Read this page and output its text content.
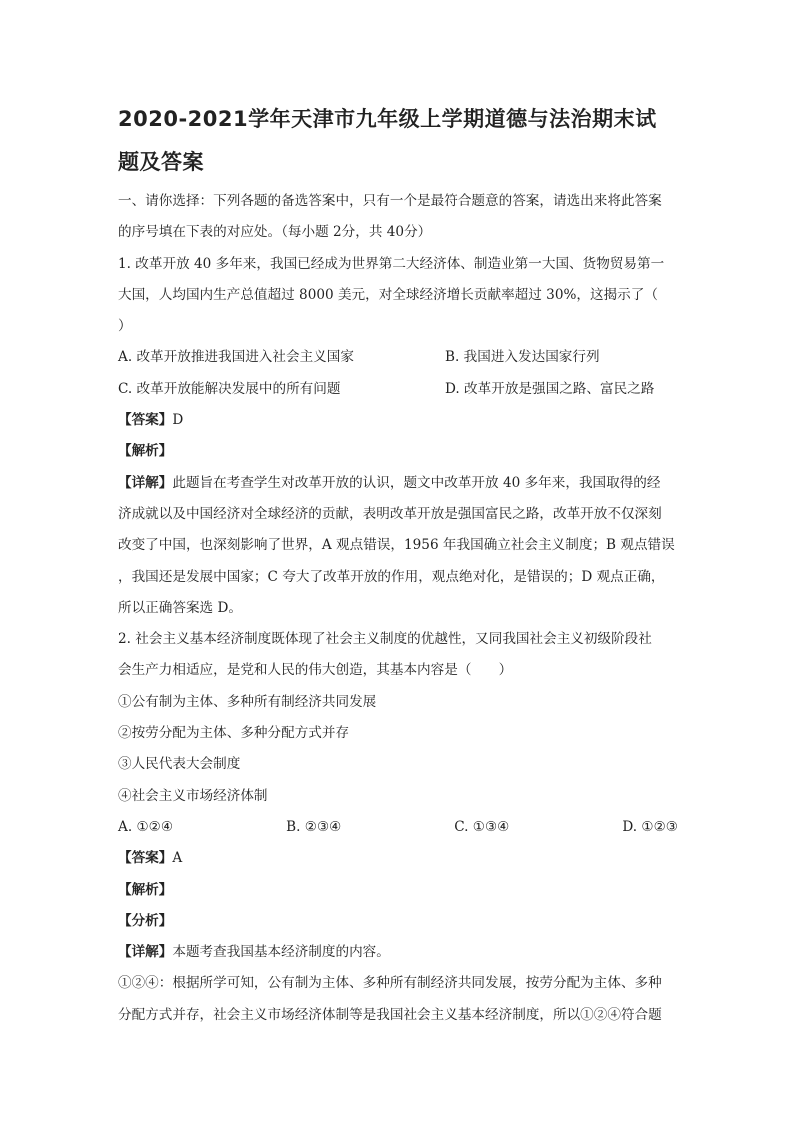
2020-2021学年天津市九年级上学期道德与法治期末试题及答案

一、请你选择：下列各题的备选答案中，只有一个是最符合题意的答案，请选出来将此答案

的序号填在下表的对应处。（每小题 2分，共 40分）

1. 改革开放 40 多年来，我国已经成为世界第二大经济体、制造业第一大国、货物贸易第一

大国，人均国内生产总值超过 8000 美元，对全球经济增长贡献率超过 30%，这揭示了（

）

A. 改革开放推进我国进入社会主义国家	B. 我国进入发达国家行列
C. 改革开放能解决发展中的所有问题	D. 改革开放是强国之路、富民之路

【答案】D

【解析】

【详解】此题旨在考查学生对改革开放的认识，题文中改革开放 40 多年来，我国取得的经

济成就以及中国经济对全球经济的贡献，表明改革开放是强国富民之路，改革开放不仅深刻

改变了中国，也深刻影响了世界，A 观点错误，1956 年我国确立社会主义制度；B 观点错误

，我国还是发展中国家；C 夸大了改革开放的作用，观点绝对化，是错误的；D 观点正确，

所以正确答案选 D。

2. 社会主义基本经济制度既体现了社会主义制度的优越性，又同我国社会主义初级阶段社

会生产力相适应，是党和人民的伟大创造，其基本内容是（　　）

①公有制为主体、多种所有制经济共同发展

②按劳分配为主体、多种分配方式并存

③人民代表大会制度

④社会主义市场经济体制

A. ①②④	B. ②③④	C. ①③④	D. ①②③

【答案】A

【解析】

【分析】

【详解】本题考查我国基本经济制度的内容。

①②④：根据所学可知，公有制为主体、多种所有制经济共同发展，按劳分配为主体、多种

分配方式并存，社会主义市场经济体制等是我国社会主义基本经济制度，所以①②④符合题
